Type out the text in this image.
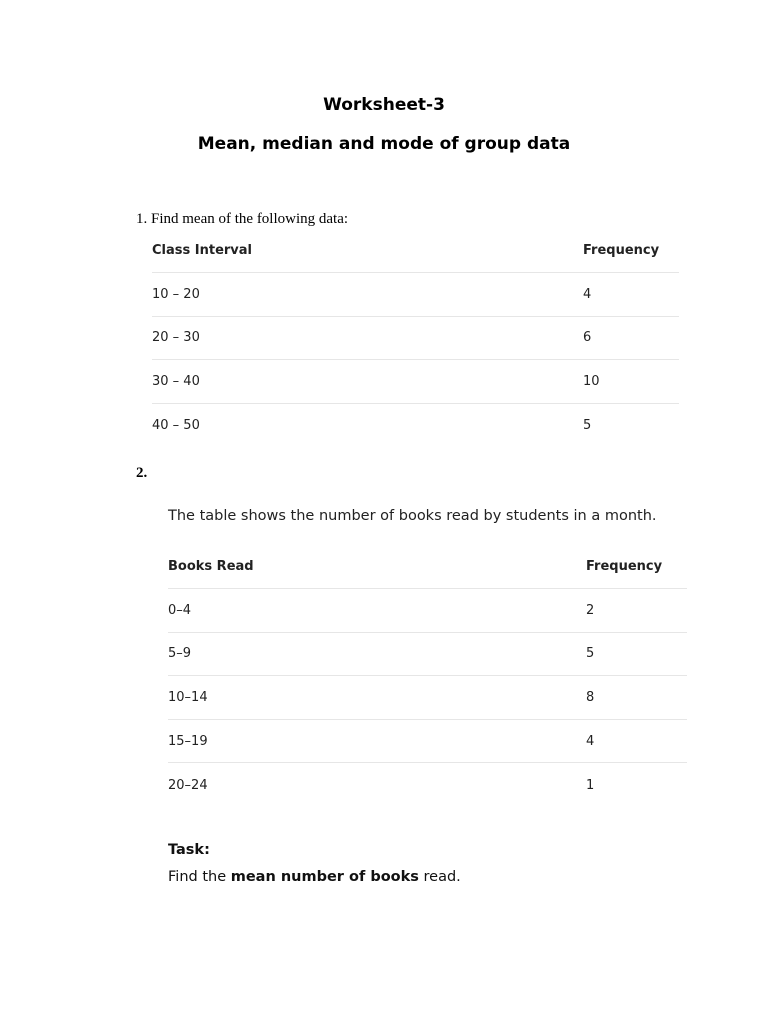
Worksheet-3
Mean, median and mode of group data

1. Find mean of the following data:

Class Interval	Frequency
10 – 20	4
20 – 30	6
30 – 40	10
40 – 50	5

2.

The table shows the number of books read by students in a month.

Books Read	Frequency
0–4	2
5–9	5
10–14	8
15–19	4
20–24	1

Task:

Find the mean number of books read.
